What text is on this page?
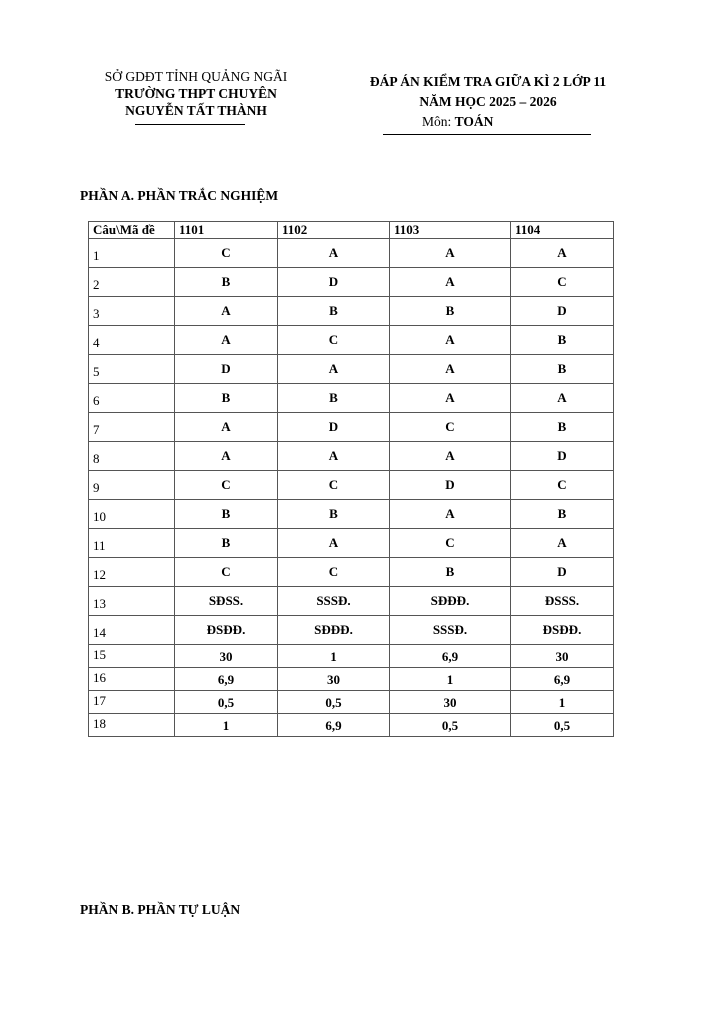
SỞ GDĐT TỈNH QUẢNG NGÃI
TRƯỜNG THPT CHUYÊN
NGUYỄN TẤT THÀNH
ĐÁP ÁN KIỂM TRA GIỮA KÌ 2 LỚP 11
NĂM HỌC 2025 – 2026
Môn: TOÁN
PHẦN A. PHẦN TRẮC NGHIỆM
Câu\Mã đề	1101	1102	1103	1104
1	C	A	A	A
2	B	D	A	C
3	A	B	B	D
4	A	C	A	B
5	D	A	A	B
6	B	B	A	A
7	A	D	C	B
8	A	A	A	D
9	C	C	D	C
10	B	B	A	B
11	B	A	C	A
12	C	C	B	D
13	SĐSS.	SSSĐ.	SĐĐĐ.	ĐSSS.
14	ĐSĐĐ.	SĐĐĐ.	SSSĐ.	ĐSĐĐ.
15	30	1	6,9	30
16	6,9	30	1	6,9
17	0,5	0,5	30	1
18	1	6,9	0,5	0,5
PHẦN B. PHẦN TỰ LUẬN
